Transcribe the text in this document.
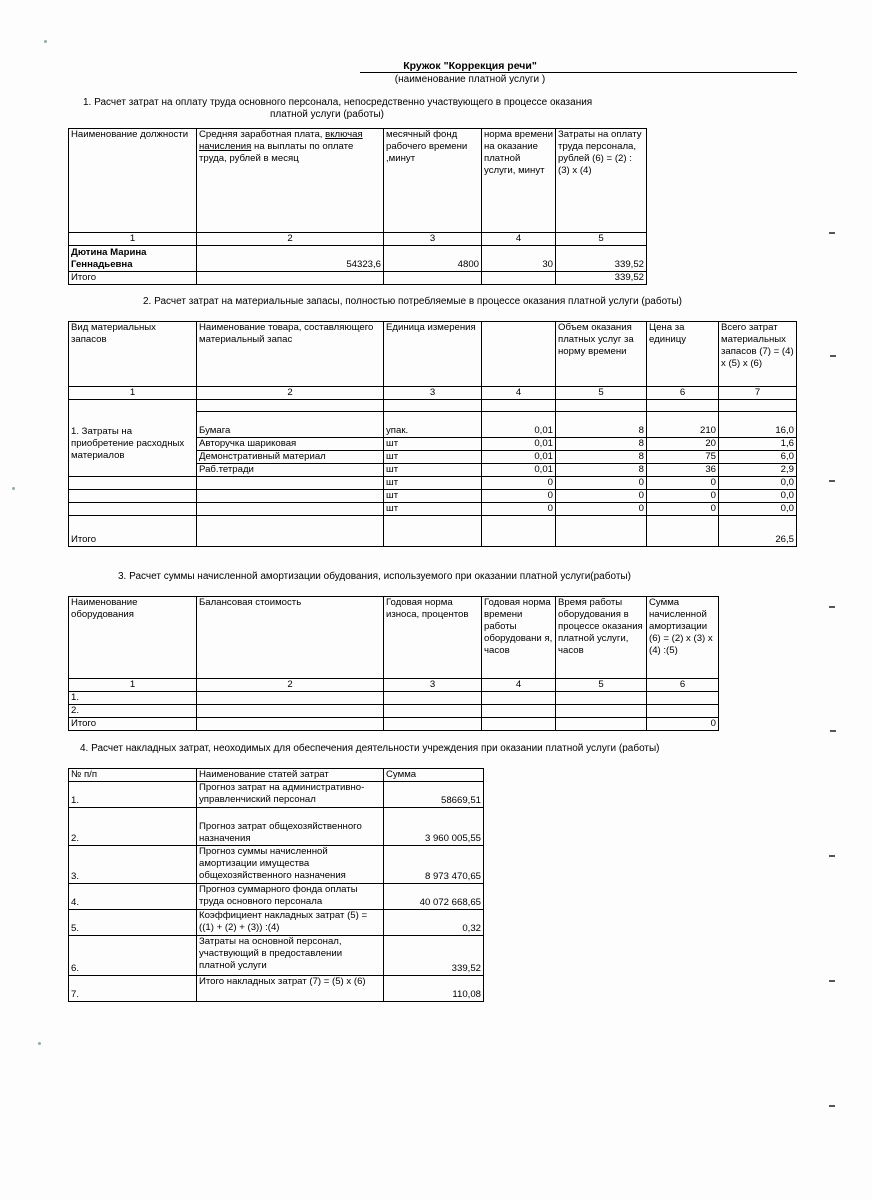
Кружок "Коррекция речи"
(наименование платной услуги )
1. Расчет затрат на оплату труда основного персонала, непосредственно участвующего в процессе оказания
платной услуги (работы)
Наименование должности	Средняя заработная плата, включая начисления на выплаты по оплате труда, рублей в месяц	месячный фонд рабочего времени ,минут	норма времени на оказание платной услуги, минут	Затраты на оплату труда персонала, рублей (6) = (2) : (3) х (4)
1	2	3	4	5
Дютина Марина Геннадьевна	54323,6	4800	30	339,52
Итого				339,52
2. Расчет затрат на материальные запасы, полностью потребляемые в процессе оказания платной услуги (работы)
Вид материальных запасов	Наименование товара, составляющего материальный запас	Единица измерения		Объем оказания платных услуг за норму времени	Цена за единицу	Всего затрат материальных запасов (7) = (4) х (5) х (6)
1	2	3	4	5	6	7
1. Затраты на приобретение расходных материалов						
	Бумага	упак.	0,01	8	210	16,0
	Авторучка шариковая	шт	0,01	8	20	1,6
	Демонстративный материал	шт	0,01	8	75	6,0
	Раб.тетради	шт	0,01	8	36	2,9
		шт	0	0	0	0,0
		шт	0	0	0	0,0
		шт	0	0	0	0,0
Итого						26,5
3. Расчет суммы начисленной амортизации обудования, используемого при оказании платной услуги(работы)
Наименование оборудования	Балансовая стоимость	Годовая норма износа, процентов	Годовая норма времени работы оборудовани я, часов	Время работы оборудования в процессе оказания платной услуги, часов	Сумма начисленной амортизации (6) = (2) х (3) х (4) :(5)
1	2	3	4	5	6
1.					
2.					
Итого					0
4. Расчет накладных затрат, неоходимых для обеспечения деятельности учреждения при оказании платной услуги (работы)
№ п/п	Наименование статей затрат	Сумма
1.	Прогноз затрат на административно-управленчиский персонал	58669,51
2.	Прогноз затрат общехозяйственного назначения	3 960 005,55
3.	Прогноз суммы начисленной амортизации имущества общехозяйственного назначения	8 973 470,65
4.	Прогноз суммарного фонда оплаты труда основного персонала	40 072 668,65
5.	Коэффициент накладных затрат (5) = ((1) + (2) + (3)) :(4)	0,32
6.	Затраты на основной персонал, участвующий в предоставлении платной услуги	339,52
7.	Итого накладных затрат (7) = (5) х (6)	110,08
